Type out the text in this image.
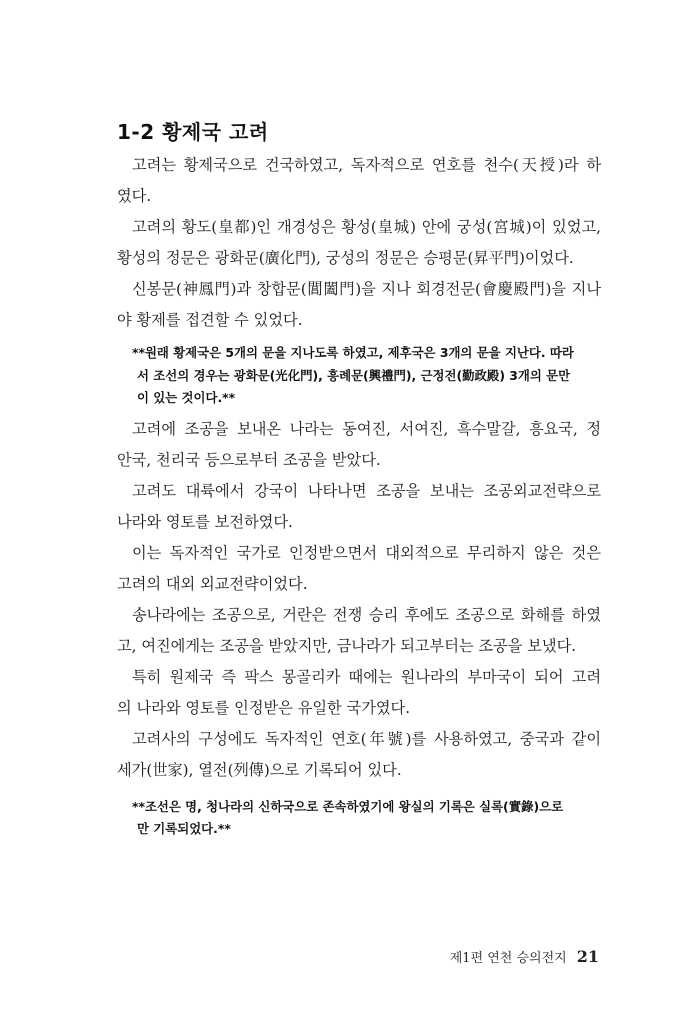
1-2 황제국 고려
고려는 황제국으로 건국하였고, 독자적으로 연호를 천수(天授)라 하
였다.
고려의 황도(皇都)인 개경성은 황성(皇城) 안에 궁성(宮城)이 있었고,
황성의 정문은 광화문(廣化門), 궁성의 정문은 승평문(昇平門)이었다.
신봉문(神鳳門)과 창합문(閶闔門)을 지나 회경전문(會慶殿門)을 지나
야 황제를 접견할 수 있었다.
**원래 황제국은 5개의 문을 지나도록 하였고, 제후국은 3개의 문을 지난다. 따라
서 조선의 경우는 광화문(光化門), 흥례문(興禮門), 근정전(勤政殿) 3개의 문만
이 있는 것이다.**
고려에 조공을 보내온 나라는 동여진, 서여진, 흑수말갈, 흥요국, 정
안국, 천리국 등으로부터 조공을 받았다.
고려도 대륙에서 강국이 나타나면 조공을 보내는 조공외교전략으로
나라와 영토를 보전하였다.
이는 독자적인 국가로 인정받으면서 대외적으로 무리하지 않은 것은
고려의 대외 외교전략이었다.
송나라에는 조공으로, 거란은 전쟁 승리 후에도 조공으로 화해를 하였
고, 여진에게는 조공을 받았지만, 금나라가 되고부터는 조공을 보냈다.
특히 원제국 즉 팍스 몽골리카 때에는 원나라의 부마국이 되어 고려
의 나라와 영토를 인정받은 유일한 국가였다.
고려사의 구성에도 독자적인 연호(年號)를 사용하였고, 중국과 같이
세가(世家), 열전(列傳)으로 기록되어 있다.
**조선은 명, 청나라의 신하국으로 존속하였기에 왕실의 기록은 실록(實錄)으로
만 기록되었다.**
제1편 연천 승의전지 21
